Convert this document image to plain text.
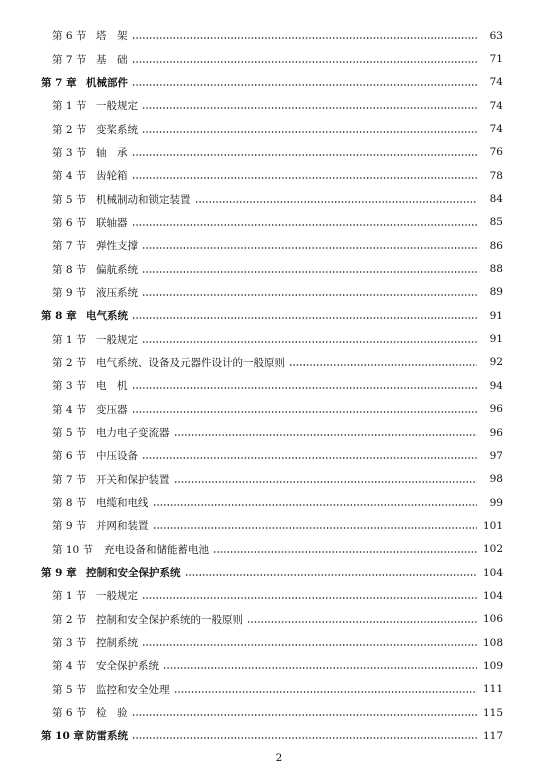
第 6 节 塔　架	63
第 7 节 基　础	71
第 7 章 机械部件	74
第 1 节 一般规定	74
第 2 节 变桨系统	74
第 3 节 轴　承	76
第 4 节 齿轮箱	78
第 5 节 机械制动和锁定装置	84
第 6 节 联轴器	85
第 7 节 弹性支撑	86
第 8 节 偏航系统	88
第 9 节 液压系统	89
第 8 章 电气系统	91
第 1 节 一般规定	91
第 2 节 电气系统、设备及元器件设计的一般原则	92
第 3 节 电　机	94
第 4 节 变压器	96
第 5 节 电力电子变流器	96
第 6 节 中压设备	97
第 7 节 开关和保护装置	98
第 8 节 电缆和电线	99
第 9 节 并网和装置	101
第 10 节	充电设备和储能蓄电池	102
第 9 章 控制和安全保护系统	104
第 1 节 一般规定	104
第 2 节 控制和安全保护系统的一般原则	106
第 3 节 控制系统	108
第 4 节 安全保护系统	109
第 5 节 监控和安全处理	111
第 6 节 检　验	115
第 10 章 防雷系统	117
2
